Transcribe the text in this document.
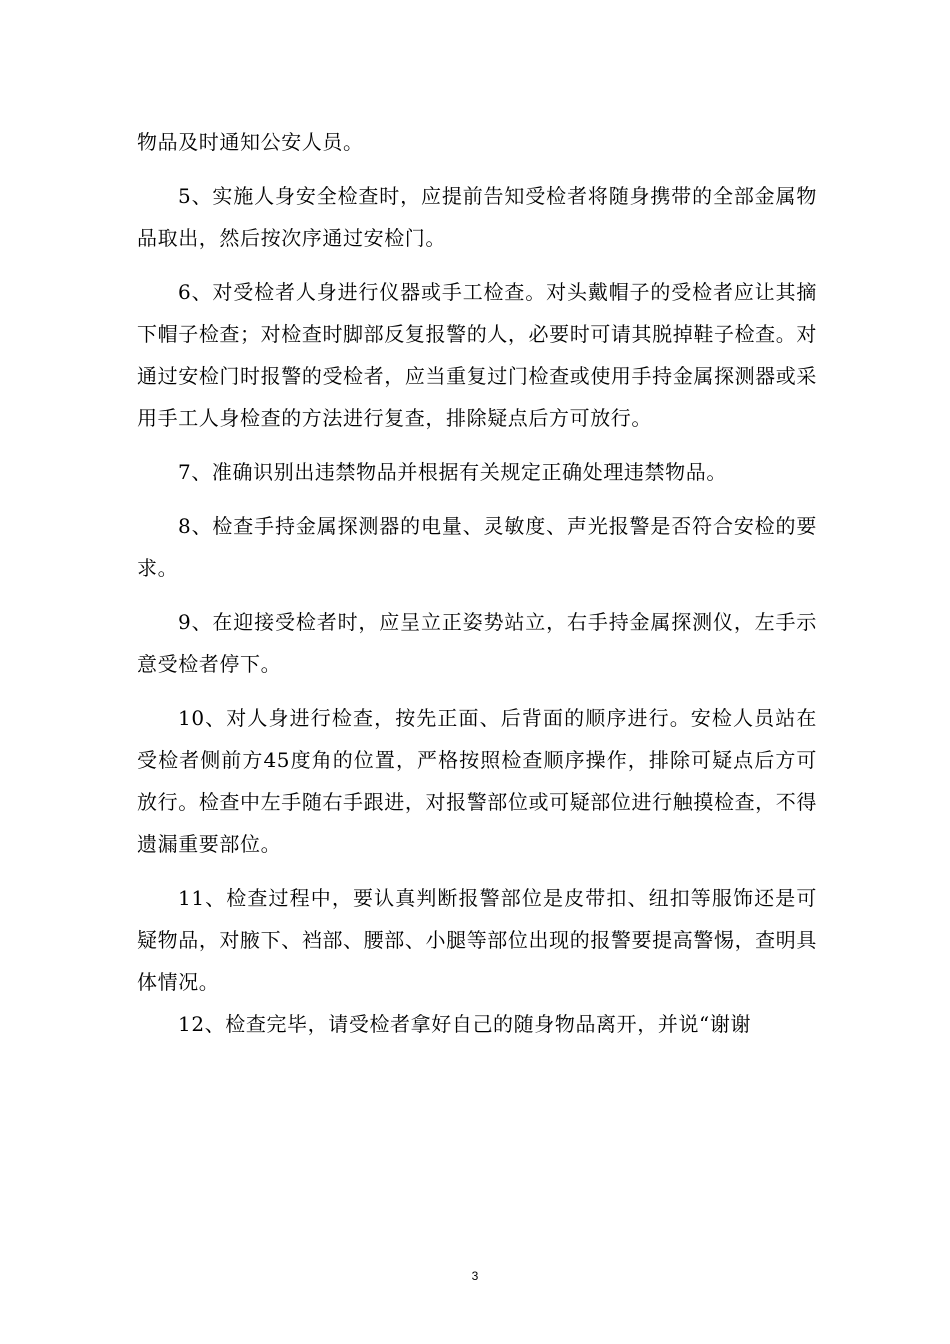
物品及时通知公安人员。

5、实施人身安全检查时，应提前告知受检者将随身携带的全部金属物品取出，然后按次序通过安检门。

6、对受检者人身进行仪器或手工检查。对头戴帽子的受检者应让其摘下帽子检查；对检查时脚部反复报警的人，必要时可请其脱掉鞋子检查。对通过安检门时报警的受检者，应当重复过门检查或使用手持金属探测器或采用手工人身检查的方法进行复查，排除疑点后方可放行。

7、准确识别出违禁物品并根据有关规定正确处理违禁物品。

8、检查手持金属探测器的电量、灵敏度、声光报警是否符合安检的要求。

9、在迎接受检者时，应呈立正姿势站立，右手持金属探测仪，左手示意受检者停下。

10、对人身进行检查，按先正面、后背面的顺序进行。安检人员站在受检者侧前方45度角的位置，严格按照检查顺序操作，排除可疑点后方可放行。检查中左手随右手跟进，对报警部位或可疑部位进行触摸检查，不得遗漏重要部位。

11、检查过程中，要认真判断报警部位是皮带扣、纽扣等服饰还是可疑物品，对腋下、裆部、腰部、小腿等部位出现的报警要提高警惕，查明具体情况。

12、检查完毕，请受检者拿好自己的随身物品离开，并说“谢谢

3
